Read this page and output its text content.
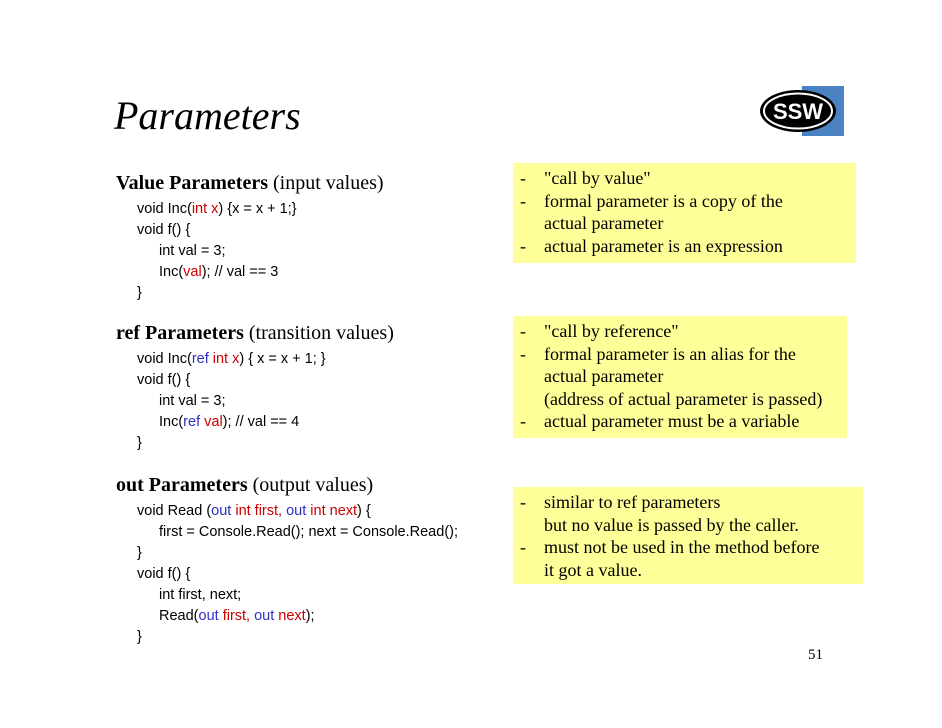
Parameters	SSW
Value Parameters (input values)
void Inc(int x) {x = x + 1;}
void f() {
int val = 3;
Inc(val); // val == 3
}
-	"call by value"
-	formal parameter is a copy of the
actual parameter
-	actual parameter is an expression
ref Parameters (transition values)
void Inc(ref int x) { x = x + 1; }
void f() {
int val = 3;
Inc(ref val); // val == 4
}
-	"call by reference"
-	formal parameter is an alias for the
actual parameter
(address of actual parameter is passed)
-	actual parameter must be a variable
out Parameters (output values)
void Read (out int first, out int next) {
first = Console.Read(); next = Console.Read();
}
void f() {
int first, next;
Read(out first, out next);
}
-	similar to ref parameters
but no value is passed by the caller.
-	must not be used in the method before
it got a value.
51
